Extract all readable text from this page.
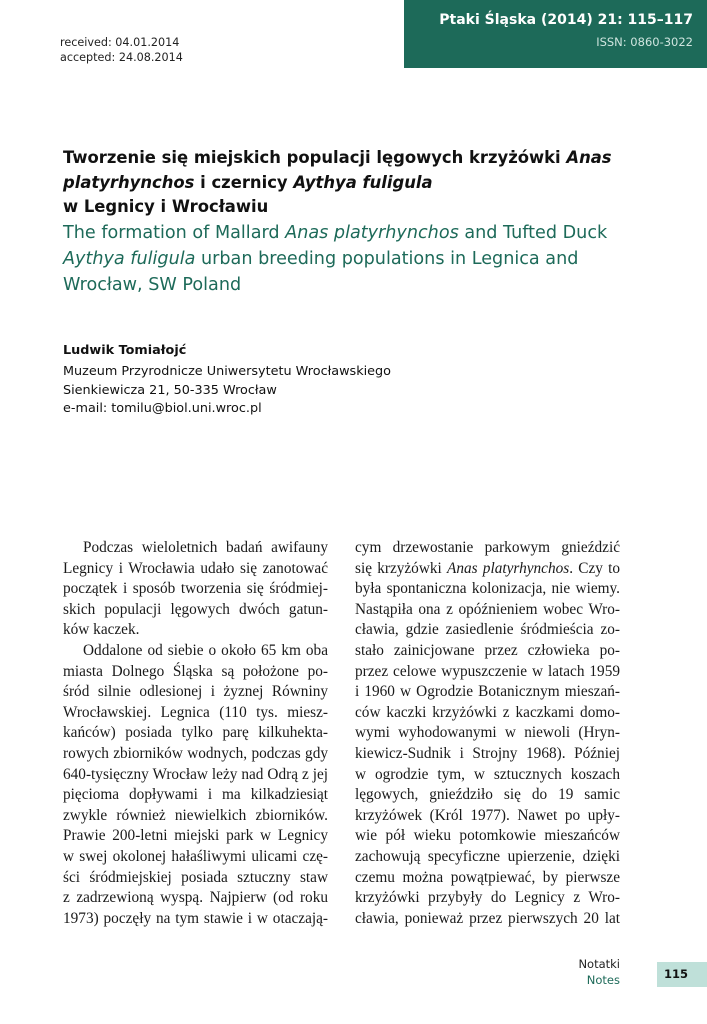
Ptaki Śląska (2014) 21: 115–117
ISSN: 0860-3022
received: 04.01.2014
accepted: 24.08.2014
Tworzenie się miejskich populacji lęgowych krzyżówki Anas
platyrhynchos i czernicy Aythya fuligula
w Legnicy i Wrocławiu
The formation of Mallard Anas platyrhynchos and Tufted Duck
Aythya fuligula urban breeding populations in Legnica and
Wrocław, SW Poland
Ludwik Tomiałojć
Muzeum Przyrodnicze Uniwersytetu Wrocławskiego
Sienkiewicza 21, 50-335 Wrocław
e-mail: tomilu@biol.uni.wroc.pl
Podczas wieloletnich badań awifauny
Legnicy i Wrocławia udało się zanotować
początek i sposób tworzenia się śródmiej-
skich populacji lęgowych dwóch gatun-
ków kaczek.
Oddalone od siebie o około 65 km oba
miasta Dolnego Śląska są położone po-
śród silnie odlesionej i żyznej Równiny
Wrocławskiej. Legnica (110 tys. miesz-
kańców) posiada tylko parę kilkuhekta-
rowych zbiorników wodnych, podczas gdy
640-tysięczny Wrocław leży nad Odrą z jej
pięcioma dopływami i ma kilkadziesiąt
zwykle również niewielkich zbiorników.
Prawie 200-letni miejski park w Legnicy
w swej okolonej hałaśliwymi ulicami czę-
ści śródmiejskiej posiada sztuczny staw
z zadrzewioną wyspą. Najpierw (od roku
1973) poczęły na tym stawie i w otaczają-
cym drzewostanie parkowym gnieździć
się krzyżówki Anas platyrhynchos. Czy to
była spontaniczna kolonizacja, nie wiemy.
Nastąpiła ona z opóźnieniem wobec Wro-
cławia, gdzie zasiedlenie śródmieścia zo-
stało zainicjowane przez człowieka po-
przez celowe wypuszczenie w latach 1959
i 1960 w Ogrodzie Botanicznym mieszań-
ców kaczki krzyżówki z kaczkami domo-
wymi wyhodowanymi w niewoli (Hryn-
kiewicz-Sudnik i Strojny 1968). Później
w ogrodzie tym, w sztucznych koszach
lęgowych, gnieździło się do 19 samic
krzyżówek (Król 1977). Nawet po upły-
wie pół wieku potomkowie mieszańców
zachowują specyficzne upierzenie, dzięki
czemu można powątpiewać, by pierwsze
krzyżówki przybyły do Legnicy z Wro-
cławia, ponieważ przez pierwszych 20 lat
Notatki
Notes	115
